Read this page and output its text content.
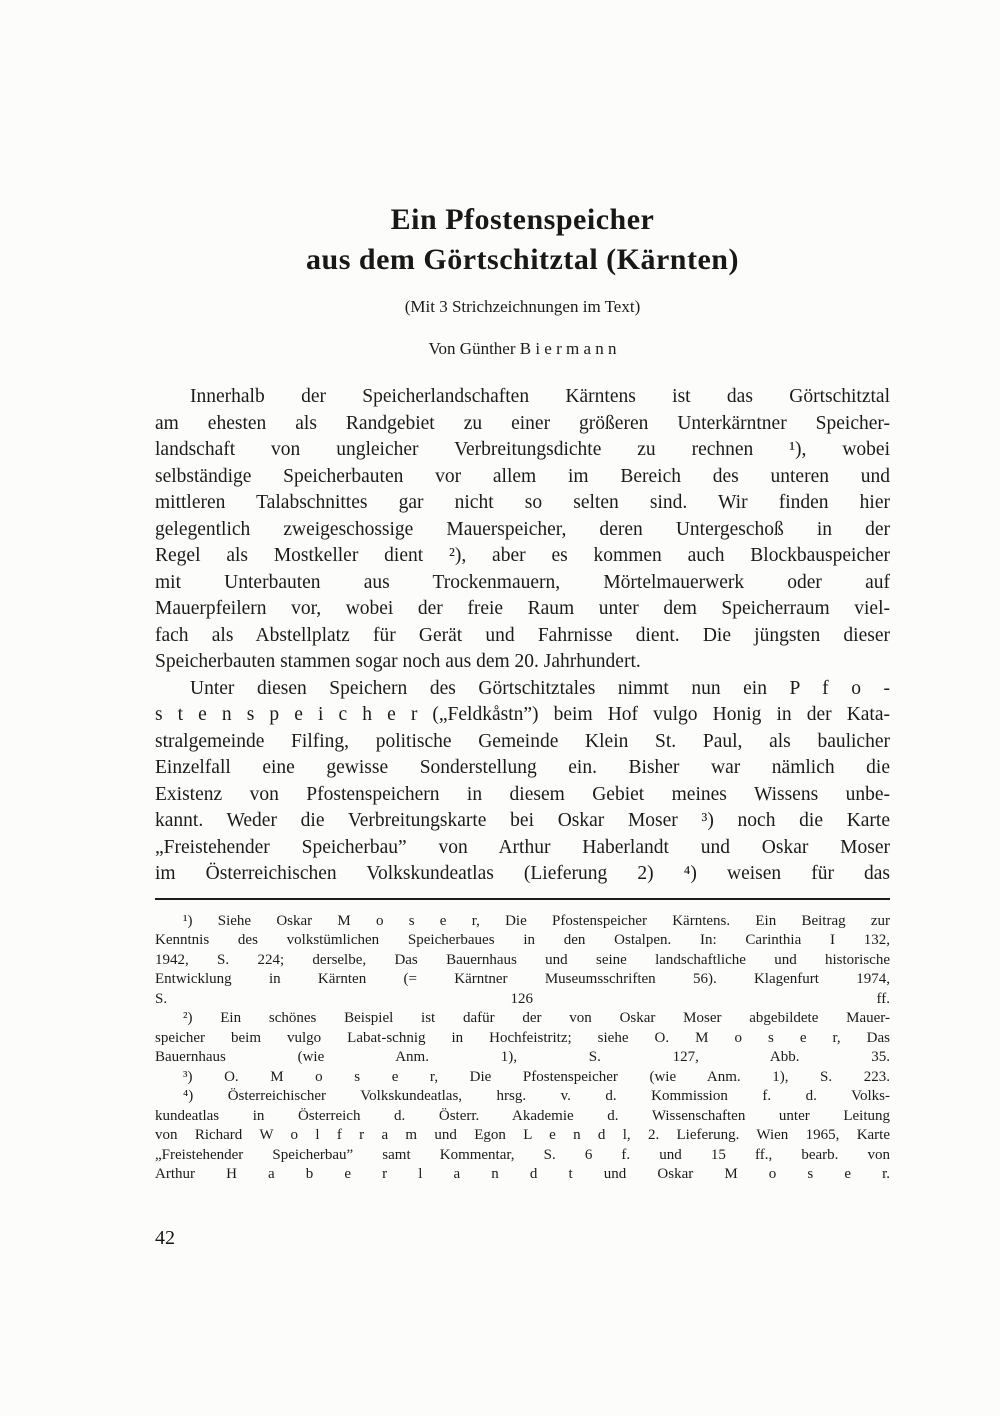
Ein Pfostenspeicher
aus dem Görtschitztal (Kärnten)
(Mit 3 Strichzeichnungen im Text)
Von Günther B i e r m a n n
Innerhalb der Speicherlandschaften Kärntens ist das Görtschitztal
am ehesten als Randgebiet zu einer größeren Unterkärntner Speicher-
landschaft von ungleicher Verbreitungsdichte zu rechnen ¹), wobei
selbständige Speicherbauten vor allem im Bereich des unteren und
mittleren Talabschnittes gar nicht so selten sind. Wir finden hier
gelegentlich zweigeschossige Mauerspeicher, deren Untergeschoß in der
Regel als Mostkeller dient ²), aber es kommen auch Blockbauspeicher
mit Unterbauten aus Trockenmauern, Mörtelmauerwerk oder auf
Mauerpfeilern vor, wobei der freie Raum unter dem Speicherraum viel-
fach als Abstellplatz für Gerät und Fahrnisse dient. Die jüngsten dieser
Speicherbauten stammen sogar noch aus dem 20. Jahrhundert.
Unter diesen Speichern des Görtschitztales nimmt nun ein P f o -
s t e n s p e i c h e r („Feldkåstn”) beim Hof vulgo Honig in der Kata-
stralgemeinde Filfing, politische Gemeinde Klein St. Paul, als baulicher
Einzelfall eine gewisse Sonderstellung ein. Bisher war nämlich die
Existenz von Pfostenspeichern in diesem Gebiet meines Wissens unbe-
kannt. Weder die Verbreitungskarte bei Oskar Moser ³) noch die Karte
„Freistehender Speicherbau” von Arthur Haberlandt und Oskar Moser
im Österreichischen Volkskundeatlas (Lieferung 2) ⁴) weisen für das
¹) Siehe Oskar M o s e r, Die Pfostenspeicher Kärntens. Ein Beitrag zur
Kenntnis des volkstümlichen Speicherbaues in den Ostalpen. In: Carinthia I 132,
1942, S. 224; derselbe, Das Bauernhaus und seine landschaftliche und historische
Entwicklung in Kärnten (= Kärntner Museumsschriften 56). Klagenfurt 1974,
S. 126 ff.
²) Ein schönes Beispiel ist dafür der von Oskar Moser abgebildete Mauer-
speicher beim vulgo Labat-schnig in Hochfeistritz; siehe O. M o s e r, Das
Bauernhaus (wie Anm. 1), S. 127, Abb. 35.
³) O. M o s e r, Die Pfostenspeicher (wie Anm. 1), S. 223.
⁴) Österreichischer Volkskundeatlas, hrsg. v. d. Kommission f. d. Volks-
kundeatlas in Österreich d. Österr. Akademie d. Wissenschaften unter Leitung
von Richard W o l f r a m und Egon L e n d l, 2. Lieferung. Wien 1965, Karte
„Freistehender Speicherbau” samt Kommentar, S. 6 f. und 15 ff., bearb. von
Arthur H a b e r l a n d t und Oskar M o s e r.
42
